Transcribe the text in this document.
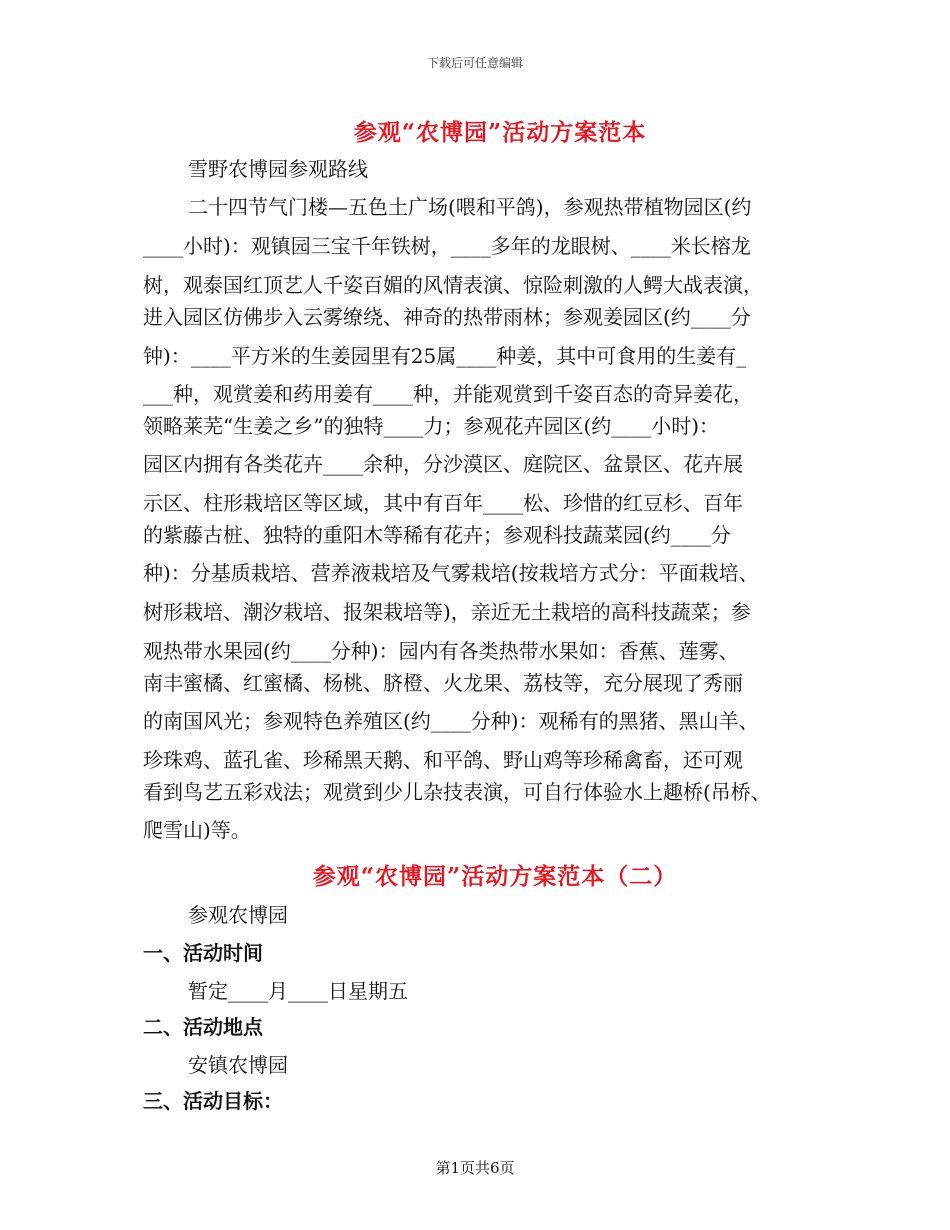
下载后可任意编辑
参观“农博园”活动方案范本
雪野农博园参观路线
二十四节气门楼—五色土广场(喂和平鸽)，参观热带植物园区(约
____小时)：观镇园三宝千年铁树，____多年的龙眼树、____米长榕龙
树，观泰国红顶艺人千姿百媚的风情表演、惊险刺激的人鳄大战表演，
进入园区仿佛步入云雾缭绕、神奇的热带雨林；参观姜园区(约____分
钟)：____平方米的生姜园里有25属____种姜，其中可食用的生姜有_
___种，观赏姜和药用姜有____种，并能观赏到千姿百态的奇异姜花，
领略莱芜“生姜之乡”的独特____力；参观花卉园区(约____小时)：
园区内拥有各类花卉____余种，分沙漠区、庭院区、盆景区、花卉展
示区、柱形栽培区等区域，其中有百年____松、珍惜的红豆杉、百年
的紫藤古桩、独特的重阳木等稀有花卉；参观科技蔬菜园(约____分
种)：分基质栽培、营养液栽培及气雾栽培(按栽培方式分：平面栽培、
树形栽培、潮汐栽培、报架栽培等)，亲近无土栽培的高科技蔬菜；参
观热带水果园(约____分种)：园内有各类热带水果如：香蕉、莲雾、
南丰蜜橘、红蜜橘、杨桃、脐橙、火龙果、荔枝等，充分展现了秀丽
的南国风光；参观特色养殖区(约____分种)：观稀有的黑猪、黑山羊、
珍珠鸡、蓝孔雀、珍稀黑天鹅、和平鸽、野山鸡等珍稀禽畜，还可观
看到鸟艺五彩戏法；观赏到少儿杂技表演，可自行体验水上趣桥(吊桥、
爬雪山)等。
参观“农博园”活动方案范本（二）
参观农博园
一、活动时间
暂定____月____日星期五
二、活动地点
安镇农博园
三、活动目标：
第1页共6页
